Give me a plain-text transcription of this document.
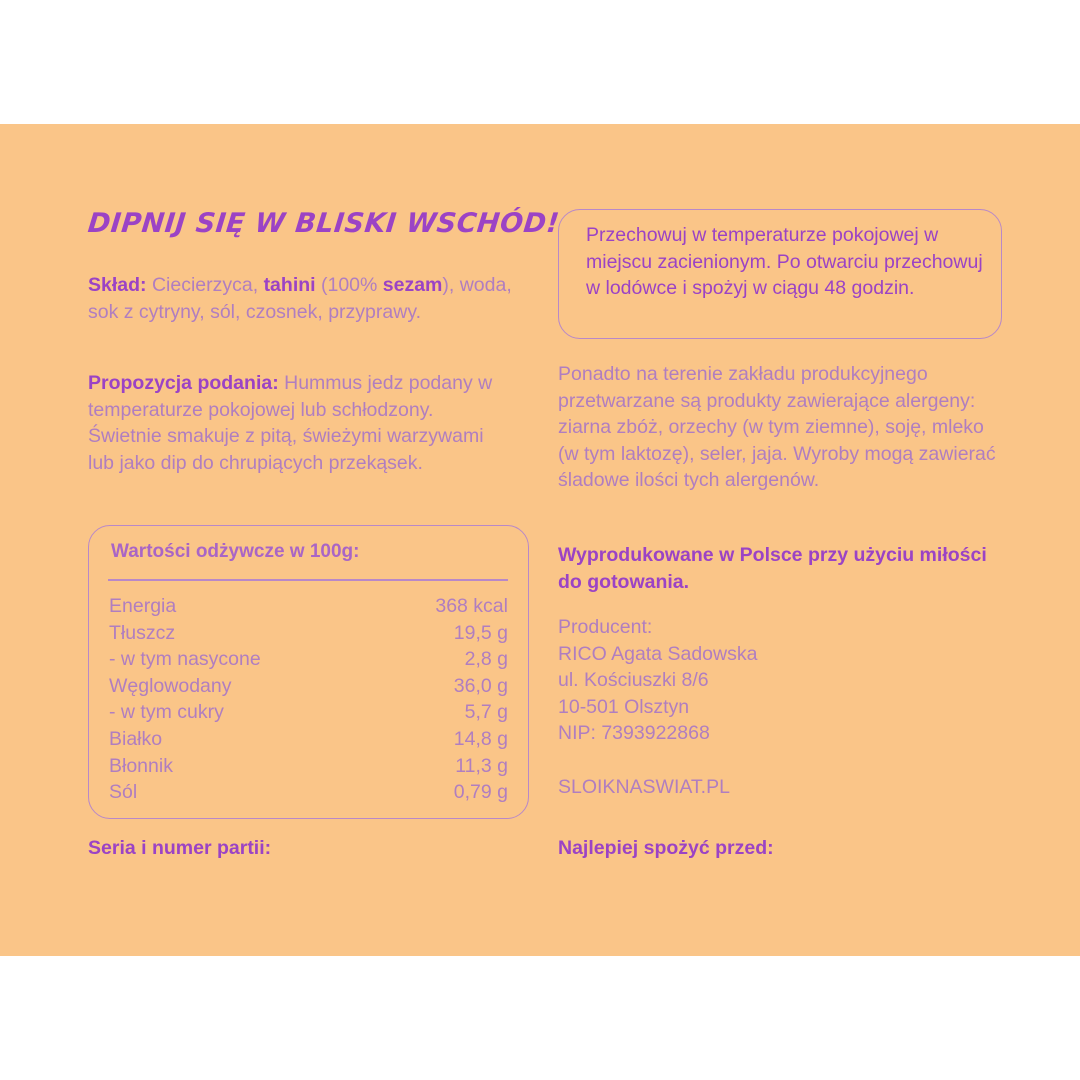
DIPNIJ SIĘ W BLISKI WSCHÓD!
Skład: Ciecierzyca, tahini (100% sezam), woda, sok z cytryny, sól, czosnek, przyprawy.
Propozycja podania: Hummus jedz podany w temperaturze pokojowej lub schłodzony. Świetnie smakuje z pitą, świeżymi warzywami lub jako dip do chrupiących przekąsek.
Wartości odżywcze w 100g:
Energia	368 kcal
Tłuszcz	19,5 g
- w tym nasycone	2,8 g
Węglowodany	36,0 g
- w tym cukry	5,7 g
Białko	14,8 g
Błonnik	11,3 g
Sól	0,79 g
Seria i numer partii:
Przechowuj w temperaturze pokojowej w miejscu zacienionym. Po otwarciu przechowuj w lodówce i spożyj w ciągu 48 godzin.
Ponadto na terenie zakładu produkcyjnego przetwarzane są produkty zawierające alergeny: ziarna zbóż, orzechy (w tym ziemne), soję, mleko (w tym laktozę), seler, jaja. Wyroby mogą zawierać śladowe ilości tych alergenów.
Wyprodukowane w Polsce przy użyciu miłości do gotowania.
Producent:
RICO Agata Sadowska
ul. Kościuszki 8/6
10-501 Olsztyn
NIP: 7393922868
SLOIKNASWIAT.PL
Najlepiej spożyć przed:
